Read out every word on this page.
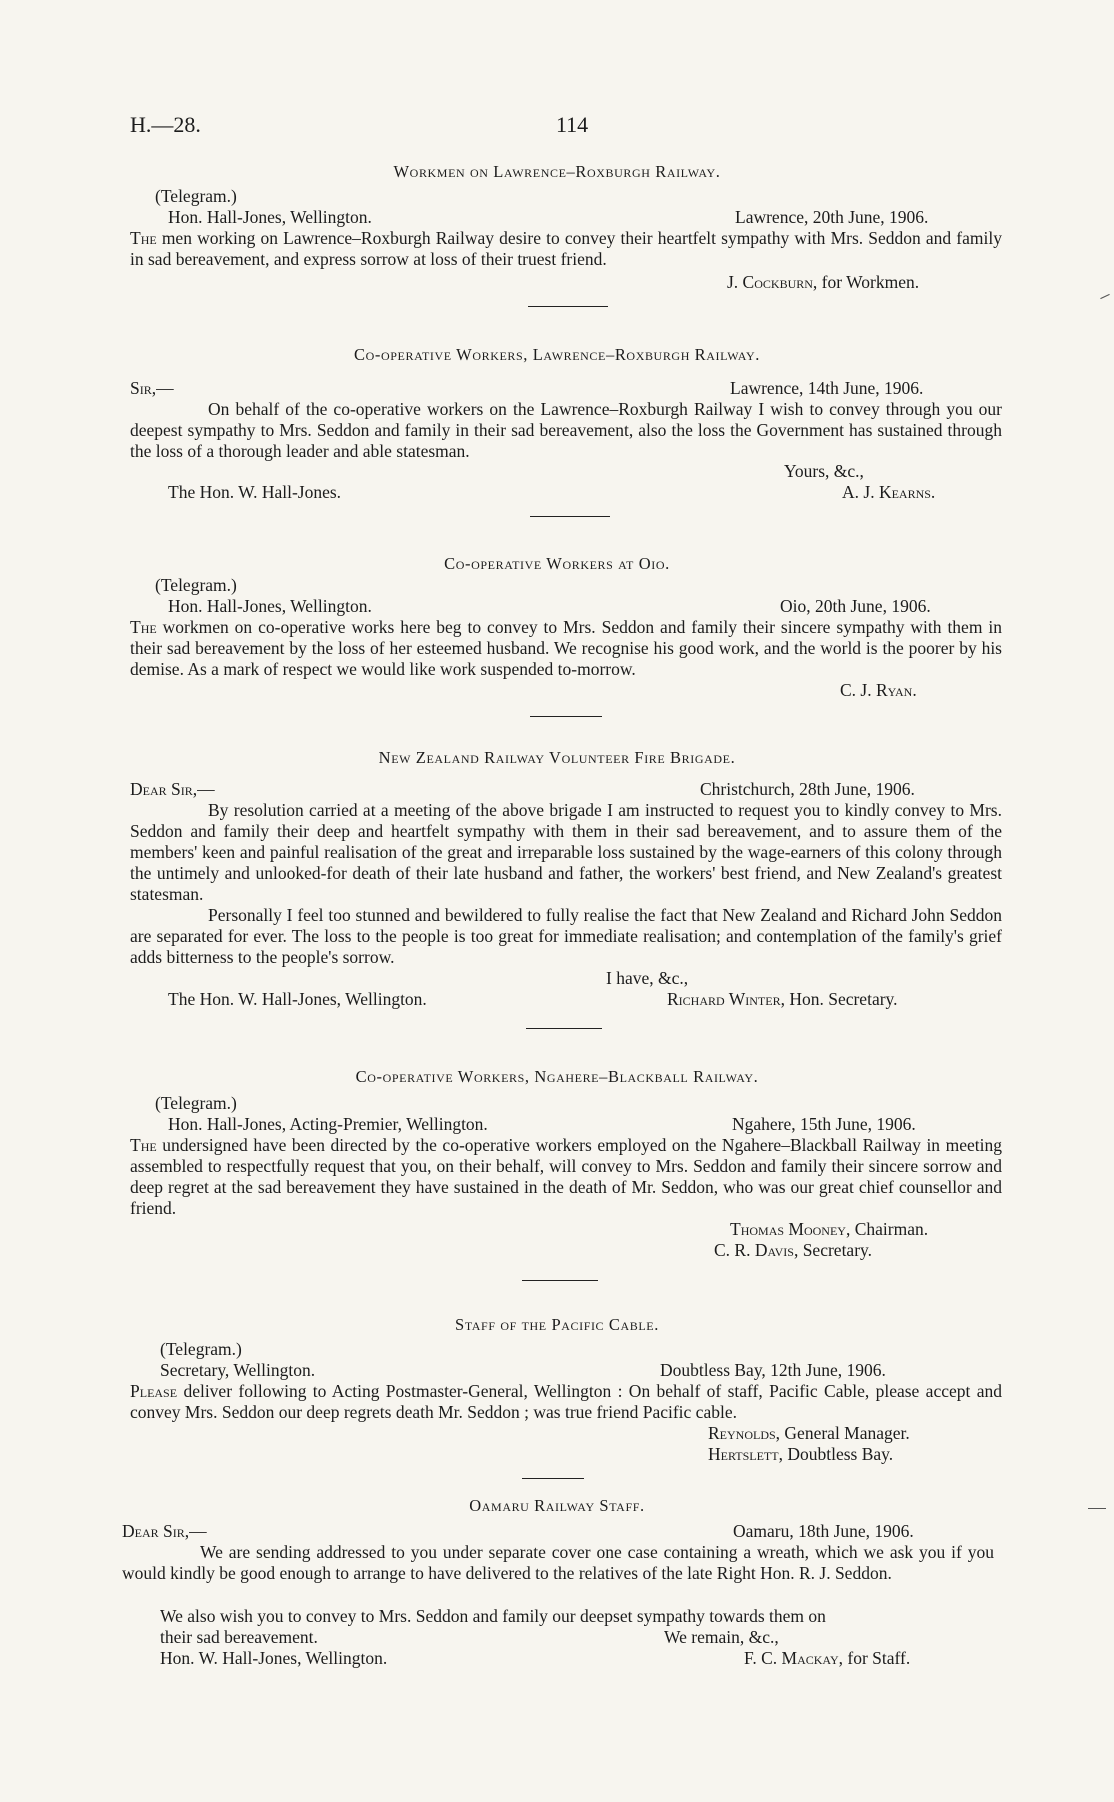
H.—28.	114
Workmen on Lawrence–Roxburgh Railway.
(Telegram.)
Hon. Hall-Jones, Wellington.	Lawrence, 20th June, 1906.
The men working on Lawrence–Roxburgh Railway desire to convey their heartfelt sympathy with Mrs. Seddon and family in sad bereavement, and express sorrow at loss of their truest friend.
J. Cockburn, for Workmen.
Co-operative Workers, Lawrence–Roxburgh Railway.
Sir,—	Lawrence, 14th June, 1906.
On behalf of the co-operative workers on the Lawrence–Roxburgh Railway I wish to convey through you our deepest sympathy to Mrs. Seddon and family in their sad bereavement, also the loss the Government has sustained through the loss of a thorough leader and able statesman.
Yours, &c.,
The Hon. W. Hall-Jones.	A. J. Kearns.
Co-operative Workers at Oio.
(Telegram.)
Hon. Hall-Jones, Wellington.	Oio, 20th June, 1906.
The workmen on co-operative works here beg to convey to Mrs. Seddon and family their sincere sympathy with them in their sad bereavement by the loss of her esteemed husband. We recognise his good work, and the world is the poorer by his demise. As a mark of respect we would like work suspended to-morrow.
C. J. Ryan.
New Zealand Railway Volunteer Fire Brigade.
Dear Sir,—	Christchurch, 28th June, 1906.
By resolution carried at a meeting of the above brigade I am instructed to request you to kindly convey to Mrs. Seddon and family their deep and heartfelt sympathy with them in their sad bereavement, and to assure them of the members' keen and painful realisation of the great and irreparable loss sustained by the wage-earners of this colony through the untimely and unlooked-for death of their late husband and father, the workers' best friend, and New Zealand's greatest statesman.
Personally I feel too stunned and bewildered to fully realise the fact that New Zealand and Richard John Seddon are separated for ever. The loss to the people is too great for immediate realisation; and contemplation of the family's grief adds bitterness to the people's sorrow.
I have, &c.,
The Hon. W. Hall-Jones, Wellington.	Richard Winter, Hon. Secretary.
Co-operative Workers, Ngahere–Blackball Railway.
(Telegram.)
Hon. Hall-Jones, Acting-Premier, Wellington.	Ngahere, 15th June, 1906.
The undersigned have been directed by the co-operative workers employed on the Ngahere–Blackball Railway in meeting assembled to respectfully request that you, on their behalf, will convey to Mrs. Seddon and family their sincere sorrow and deep regret at the sad bereavement they have sustained in the death of Mr. Seddon, who was our great chief counsellor and friend.
Thomas Mooney, Chairman.
C. R. Davis, Secretary.
Staff of the Pacific Cable.
(Telegram.)
Secretary, Wellington.	Doubtless Bay, 12th June, 1906.
Please deliver following to Acting Postmaster-General, Wellington : On behalf of staff, Pacific Cable, please accept and convey Mrs. Seddon our deep regrets death Mr. Seddon ; was true friend Pacific cable.
Reynolds, General Manager.
Hertslett, Doubtless Bay.
Oamaru Railway Staff.
Dear Sir,—	Oamaru, 18th June, 1906.
We are sending addressed to you under separate cover one case containing a wreath, which we ask you if you would kindly be good enough to arrange to have delivered to the relatives of the late Right Hon. R. J. Seddon.
We also wish you to convey to Mrs. Seddon and family our deepset sympathy towards them on
their sad bereavement.	We remain, &c.,
Hon. W. Hall-Jones, Wellington.	F. C. Mackay, for Staff.
